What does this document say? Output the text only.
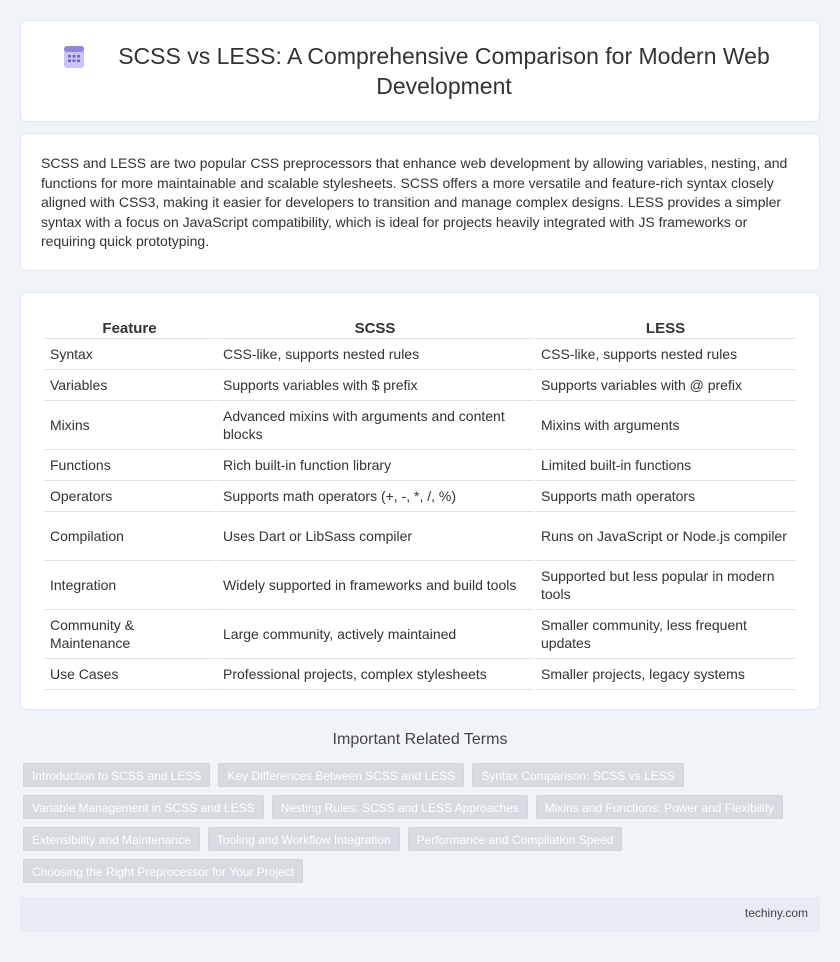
SCSS vs LESS: A Comprehensive Comparison for Modern Web Development

SCSS and LESS are two popular CSS preprocessors that enhance web development by allowing variables, nesting, and functions for more maintainable and scalable stylesheets. SCSS offers a more versatile and feature-rich syntax closely aligned with CSS3, making it easier for developers to transition and manage complex designs. LESS provides a simpler syntax with a focus on JavaScript compatibility, which is ideal for projects heavily integrated with JS frameworks or requiring quick prototyping.

Feature	SCSS	LESS
Syntax	CSS-like, supports nested rules	CSS-like, supports nested rules
Variables	Supports variables with $ prefix	Supports variables with @ prefix
Mixins	Advanced mixins with arguments and content blocks	Mixins with arguments
Functions	Rich built-in function library	Limited built-in functions
Operators	Supports math operators (+, -, *, /, %)	Supports math operators
Compilation	Uses Dart or LibSass compiler	Runs on JavaScript or Node.js compiler
Integration	Widely supported in frameworks and build tools	Supported but less popular in modern tools
Community & Maintenance	Large community, actively maintained	Smaller community, less frequent updates
Use Cases	Professional projects, complex stylesheets	Smaller projects, legacy systems
Important Related Terms
Introduction to SCSS and LESS	Key Differences Between SCSS and LESS	Syntax Comparison: SCSS vs LESS
Variable Management in SCSS and LESS	Nesting Rules: SCSS and LESS Approaches	Mixins and Functions: Power and Flexibility
Extensibility and Maintenance	Tooling and Workflow Integration	Performance and Compilation Speed
Choosing the Right Preprocessor for Your Project
techiny.com
